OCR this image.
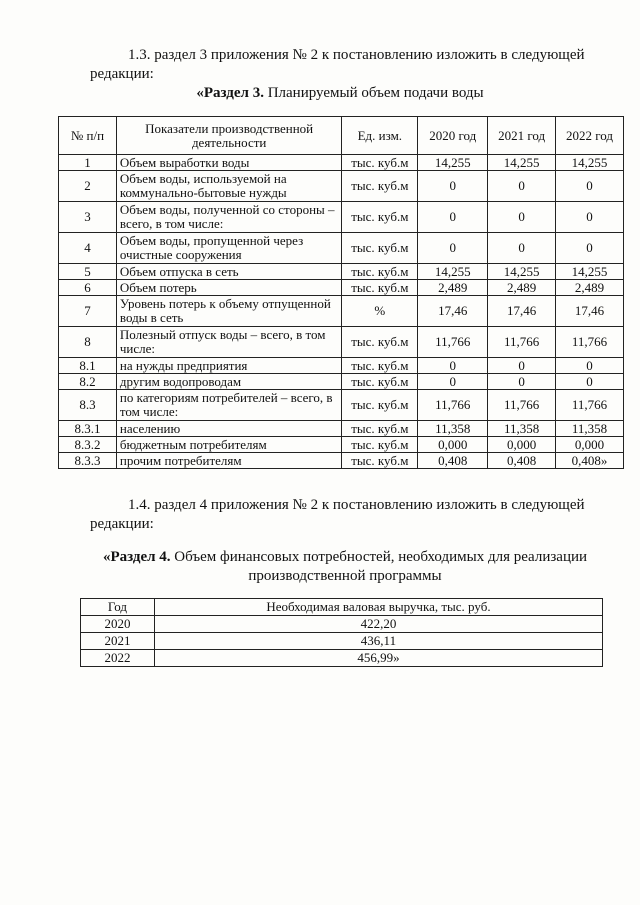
1.3. раздел 3 приложения № 2 к постановлению изложить в следующей
редакции:
«Раздел 3. Планируемый объем подачи воды
№ п/п	Показатели производственной деятельности	Ед. изм.	2020 год	2021 год	2022 год
1	Объем выработки воды	тыс. куб.м	14,255	14,255	14,255
2	Объем воды, используемой на коммунально-бытовые нужды	тыс. куб.м	0	0	0
3	Объем воды, полученной со стороны – всего, в том числе:	тыс. куб.м	0	0	0
4	Объем воды, пропущенной через очистные сооружения	тыс. куб.м	0	0	0
5	Объем отпуска в сеть	тыс. куб.м	14,255	14,255	14,255
6	Объем потерь	тыс. куб.м	2,489	2,489	2,489
7	Уровень потерь к объему отпущенной воды в сеть	%	17,46	17,46	17,46
8	Полезный отпуск воды – всего, в том числе:	тыс. куб.м	11,766	11,766	11,766
8.1	на нужды предприятия	тыс. куб.м	0	0	0
8.2	другим водопроводам	тыс. куб.м	0	0	0
8.3	по категориям потребителей – всего, в том числе:	тыс. куб.м	11,766	11,766	11,766
8.3.1	населению	тыс. куб.м	11,358	11,358	11,358
8.3.2	бюджетным потребителям	тыс. куб.м	0,000	0,000	0,000
8.3.3	прочим потребителям	тыс. куб.м	0,408	0,408	0,408»
1.4. раздел 4 приложения № 2 к постановлению изложить в следующей
редакции:
«Раздел 4. Объем финансовых потребностей, необходимых для реализации
производственной программы
Год	Необходимая валовая выручка, тыс. руб.
2020	422,20
2021	436,11
2022	456,99»
